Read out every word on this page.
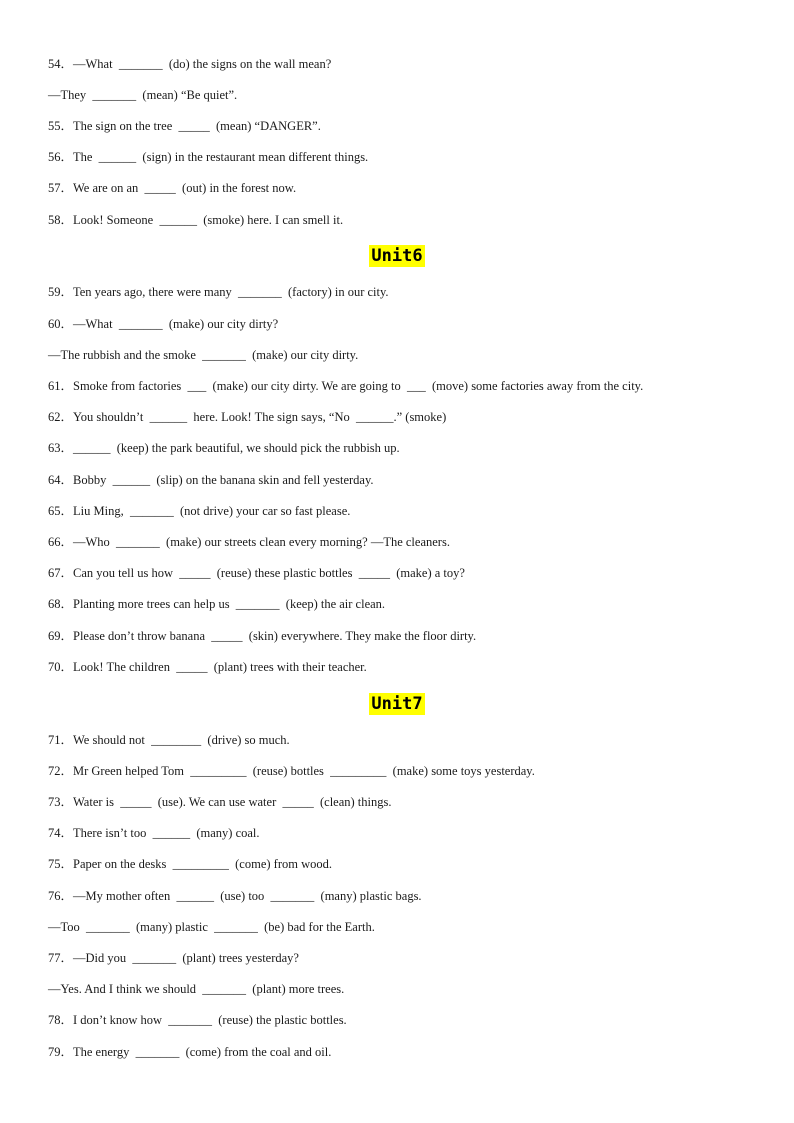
54．—What  _______  (do) the signs on the wall mean?
—They  _______  (mean) “Be quiet”.
55．The sign on the tree  _____  (mean) “DANGER”.
56．The  ______  (sign) in the restaurant mean different things.
57．We are on an  _____  (out) in the forest now.
58．Look! Someone  ______  (smoke) here. I can smell it.
Unit6
59．Ten years ago, there were many  _______  (factory) in our city.
60．—What  _______  (make) our city dirty?
—The rubbish and the smoke  _______  (make) our city dirty.
61．Smoke from factories  ___  (make) our city dirty. We are going to  ___  (move) some factories away from the city.
62．You shouldn’t  ______  here. Look! The sign says, “No  ______.” (smoke)
63．______  (keep) the park beautiful, we should pick the rubbish up.
64．Bobby  ______  (slip) on the banana skin and fell yesterday.
65．Liu Ming,  _______  (not drive) your car so fast please.
66．—Who  _______  (make) our streets clean every morning? —The cleaners.
67．Can you tell us how  _____  (reuse) these plastic bottles  _____  (make) a toy?
68．Planting more trees can help us  _______  (keep) the air clean.
69．Please don’t throw banana  _____  (skin) everywhere. They make the floor dirty.
70．Look! The children  _____  (plant) trees with their teacher.
Unit7
71．We should not  ________  (drive) so much.
72．Mr Green helped Tom  _________  (reuse) bottles  _________  (make) some toys yesterday.
73．Water is  _____  (use). We can use water  _____  (clean) things.
74．There isn’t too  ______  (many) coal.
75．Paper on the desks  _________  (come) from wood.
76．—My mother often  ______  (use) too  _______  (many) plastic bags.
—Too  _______  (many) plastic  _______  (be) bad for the Earth.
77．—Did you  _______  (plant) trees yesterday?
—Yes. And I think we should  _______  (plant) more trees.
78．I don’t know how  _______  (reuse) the plastic bottles.
79．The energy  _______  (come) from the coal and oil.
